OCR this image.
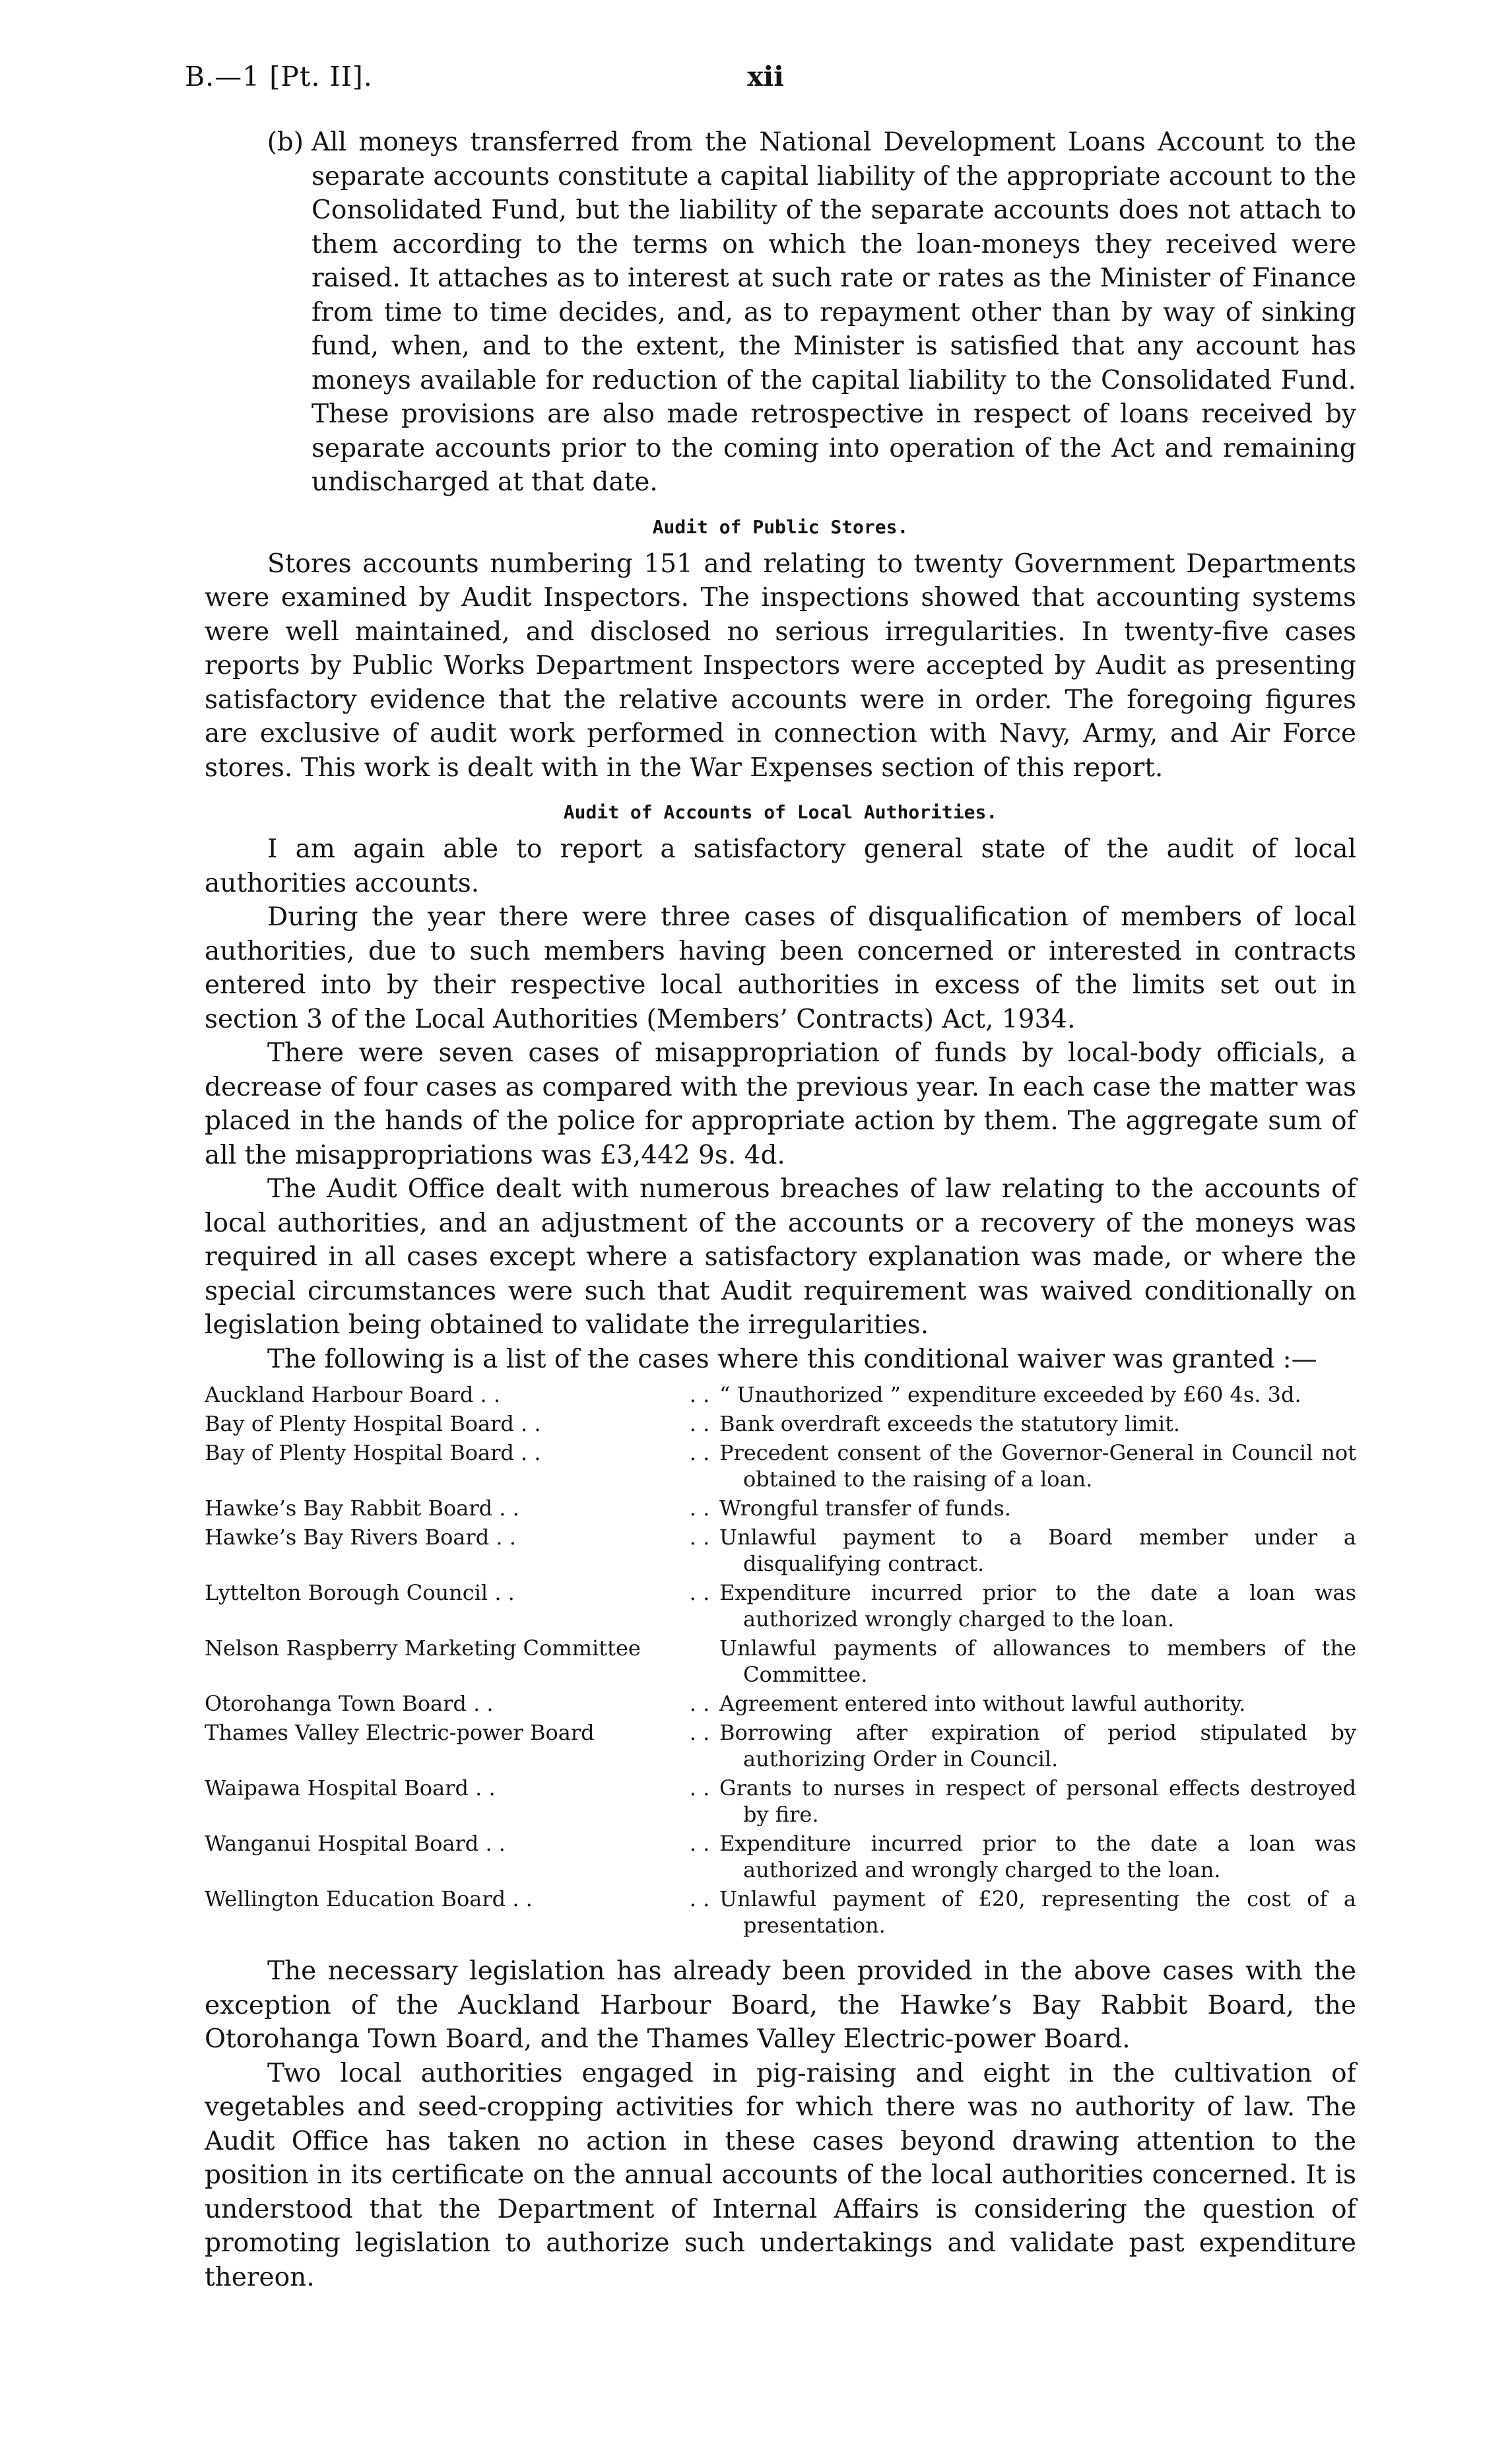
B.—1 [Pt. II].	xii
(b) All moneys transferred from the National Development Loans Account to the separate accounts constitute a capital liability of the appropriate account to the Consolidated Fund, but the liability of the separate accounts does not attach to them according to the terms on which the loan-moneys they received were raised. It attaches as to interest at such rate or rates as the Minister of Finance from time to time decides, and, as to repayment other than by way of sinking fund, when, and to the extent, the Minister is satisfied that any account has moneys available for reduction of the capital liability to the Consolidated Fund. These provisions are also made retrospective in respect of loans received by separate accounts prior to the coming into operation of the Act and remaining undischarged at that date.

Audit of Public Stores.

Stores accounts numbering 151 and relating to twenty Government Departments were examined by Audit Inspectors. The inspections showed that accounting systems were well maintained, and disclosed no serious irregularities. In twenty-five cases reports by Public Works Department Inspectors were accepted by Audit as presenting satisfactory evidence that the relative accounts were in order. The foregoing figures are exclusive of audit work performed in connection with Navy, Army, and Air Force stores. This work is dealt with in the War Expenses section of this report.

Audit of Accounts of Local Authorities.

I am again able to report a satisfactory general state of the audit of local authorities accounts.

During the year there were three cases of disqualification of members of local authorities, due to such members having been concerned or interested in contracts entered into by their respective local authorities in excess of the limits set out in section 3 of the Local Authorities (Members’ Contracts) Act, 1934.

There were seven cases of misappropriation of funds by local-body officials, a decrease of four cases as compared with the previous year. In each case the matter was placed in the hands of the police for appropriate action by them. The aggregate sum of all the misappropriations was £3,442 9s. 4d.

The Audit Office dealt with numerous breaches of law relating to the accounts of local authorities, and an adjustment of the accounts or a recovery of the moneys was required in all cases except where a satisfactory explanation was made, or where the special circumstances were such that Audit requirement was waived conditionally on legislation being obtained to validate the irregularities.

The following is a list of the cases where this conditional waiver was granted :—

Auckland Harbour Board . .	. . “ Unauthorized ” expenditure exceeded by £60 4s. 3d.
Bay of Plenty Hospital Board . .	. . Bank overdraft exceeds the statutory limit.
Bay of Plenty Hospital Board . .	. . Precedent consent of the Governor-General in Council not obtained to the raising of a loan.
Hawke’s Bay Rabbit Board . .	. . Wrongful transfer of funds.
Hawke’s Bay Rivers Board . .	. . Unlawful payment to a Board member under a disqualifying contract.
Lyttelton Borough Council . .	. . Expenditure incurred prior to the date a loan was authorized wrongly charged to the loan.
Nelson Raspberry Marketing Committee	Unlawful payments of allowances to members of the Committee.
Otorohanga Town Board . .	. . Agreement entered into without lawful authority.
Thames Valley Electric-power Board	. . Borrowing after expiration of period stipulated by authorizing Order in Council.
Waipawa Hospital Board . .	. . Grants to nurses in respect of personal effects destroyed by fire.
Wanganui Hospital Board . .	. . Expenditure incurred prior to the date a loan was authorized and wrongly charged to the loan.
Wellington Education Board . .	. . Unlawful payment of £20, representing the cost of a presentation.

The necessary legislation has already been provided in the above cases with the exception of the Auckland Harbour Board, the Hawke’s Bay Rabbit Board, the Otorohanga Town Board, and the Thames Valley Electric-power Board.

Two local authorities engaged in pig-raising and eight in the cultivation of vegetables and seed-cropping activities for which there was no authority of law. The Audit Office has taken no action in these cases beyond drawing attention to the position in its certificate on the annual accounts of the local authorities concerned. It is understood that the Department of Internal Affairs is considering the question of promoting legislation to authorize such undertakings and validate past expenditure thereon.
